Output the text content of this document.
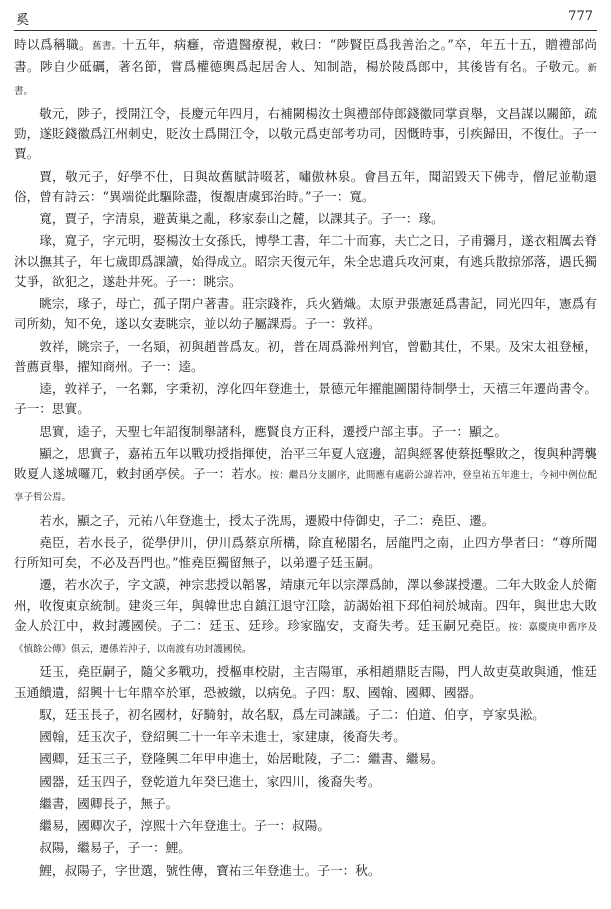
奚	777

時以爲稱職。舊書。十五年，病癰，帝遣醫療視，敕曰：“陟賢臣爲我善治之。”卒，年五十五，贈禮部尚書。陟自少砥礪，著名節，嘗爲權德輿爲起居舍人、知制誥，楊於陵爲郎中，其後皆有名。子敬元。新書。

敬元，陟子，授開江令，長慶元年四月，右補闕楊汝士與禮部侍郎錢徽同掌貢舉，文昌謀以關節，疏勁，遂貶錢徽爲江州刺史，貶汝士爲開江令，以敬元爲吏部考功司，因慨時事，引疾歸田，不復仕。子一賈。

賈，敬元子，好學不仕，日與故舊賦詩啜茗，嘯傲林泉。會昌五年，聞詔毀天下佛寺，僧尼並勒還俗，曾有詩云：“異端從此驅除盡，復覩唐虞郅治時。”子一：寬。

寬，賈子，字清泉，避黃巢之亂，移家泰山之麓，以課其子。子一：瑑。

瑑，寬子，字元明，娶楊汝士女孫氏，博學工書，年二十而寡，夫亡之日，子甫彌月，遂衣粗厲去脊沐以撫其子，年七歲即爲課讀，始得成立。昭宗天復元年，朱全忠遣兵攻河東，有逃兵散掠邠落，遇氏獨艾爭，欲犯之，遂赴井死。子一：眺宗。

眺宗，瑑子，母亡，孤子閉户著書。莊宗踐祚，兵火猶熾。太原尹張憲延爲書記，同光四年，憲爲有司所劾，知不免，遂以女妻眺宗，並以幼子屬課焉。子一：敦祥。

敦祥，眺宗子，一名熲，初與趙普爲友。初，普在周爲滁州判官，曾勸其仕，不果。及宋太祖登極，普薦貢舉，擢知商州。子一：逵。

逵，敦祥子，一名鄴，字秉初，淳化四年登進士，景德元年擢龍圖閣待制學士，天禧三年遷尚書令。子一：思實。

思實，逵子，天聖七年詔復制舉諸科，應賢良方正科，遷授户部主事。子一：顯之。

顯之，思實子，嘉祐五年以戰功授指揮使，治平三年夏人寇邊，詔與經畧使蔡挺擊敗之，復與种諤襲敗夏人遂城囉兀，敕封函亭侯。子一：若水。按：繼昌分支圖序，此間應有處蔚公諱若冲，登皇祐五年進士，今祠中例位配享子哲公焉。

若水，顯之子，元祐八年登進士，授太子洗馬，遷殿中侍御史，子二：堯臣、遷。

堯臣，若水長子，從學伊川，伊川爲蔡京所構，除直秘閣名，居龍門之南，止四方學者曰：“尊所聞行所知可矣，不必及吾門也。”惟堯臣獨留無子，以弟遷子廷玉嗣。

遷，若水次子，字文謨，神宗悲授以韜畧，靖康元年以宗澤爲帥，澤以參謀授遷。二年大敗金人於衛州，收復東京統制。建炎三年，與韓世忠自鎮江退守江陰，訪謁始祖下邳伯祠於城南。四年，與世忠大敗金人於江中，救封護國侯。子二：廷玉、廷珍。珍家臨安，支裔失考。廷玉嗣兄堯臣。按：嘉慶庚申舊序及《慎餘公傳》俱云，遷係若沖子，以南渡有功封護國侯。

廷玉，堯臣嗣子，隨父多戰功，授樞車校尉，主吉陽軍，承相趙鼎貶吉陽，門人故吏莫敢與通，惟廷玉通饋遺，紹興十七年鼎卒於軍，恐被繳，以病免。子四：馭、國翰、國卿、國器。

馭，廷玉長子，初名國材，好騎射，故名馭，爲左司諫議。子二：伯道、伯亨，亨家吳淞。

國翰，廷玉次子，登紹興二十一年辛未進士，家建康，後裔失考。

國卿，廷玉三子，登隆興二年甲申進士，始居毗陵，子二：繼書、繼易。

國器，廷玉四子，登乾道九年癸巳進士，家四川，後裔失考。

繼書，國卿長子，無子。

繼易，國卿次子，淳熙十六年登進士。子一：叔陽。

叔陽，繼易子，子一：鯉。

鯉，叔陽子，字世選，號性傳，寶祐三年登進士。子一：秋。
